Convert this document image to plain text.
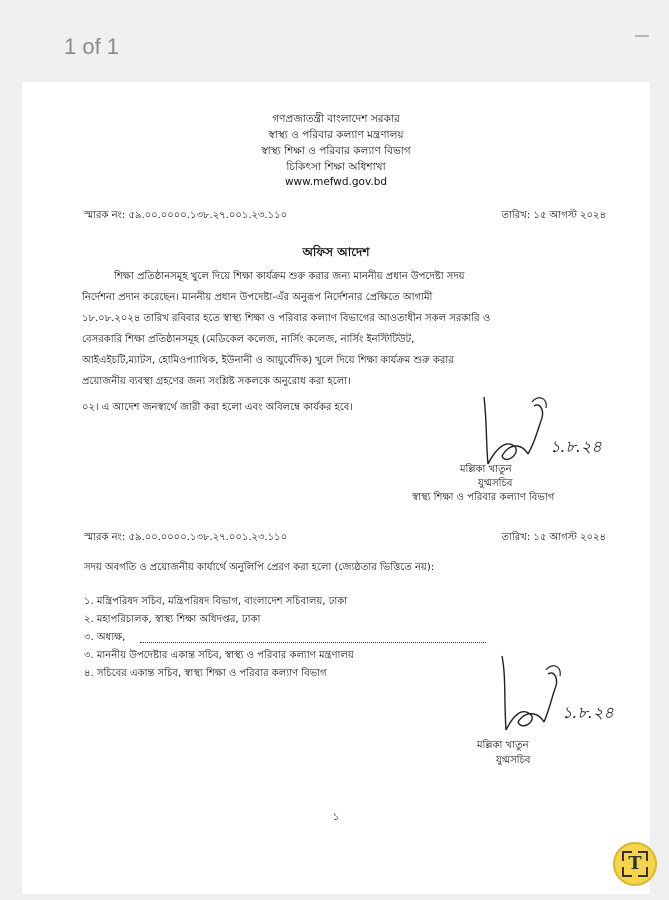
1 of 1
গণপ্রজাতন্ত্রী বাংলাদেশ সরকার
স্বাস্থ্য ও পরিবার কল্যাণ মন্ত্রণালয়
স্বাস্থ্য শিক্ষা ও পরিবার কল্যাণ বিভাগ
চিকিৎসা শিক্ষা অধিশাখা
www.mefwd.gov.bd
স্মারক নং: ৫৯.০০.০০০০.১৩৮.২৭.০০১.২৩.১১০	তারিখ: ১৫ আগস্ট ২০২৪
অফিস আদেশ
শিক্ষা প্রতিষ্ঠানসমূহ খুলে দিয়ে শিক্ষা কার্যক্রম শুরু করার জন্য মাননীয় প্রধান উপদেষ্টা সদয়
নির্দেশনা প্রদান করেছেন। মাননীয় প্রধান উপদেষ্টা-এঁর অনুরূপ নির্দেশনার প্রেক্ষিতে আগামী
১৮.০৮.২০২৪ তারিখ রবিবার হতে স্বাস্থ্য শিক্ষা ও পরিবার কল্যাণ বিভাগের আওতাধীন সকল সরকারি ও
বেসরকারি শিক্ষা প্রতিষ্ঠানসমূহ (মেডিকেল কলেজ, নার্সিং কলেজ, নার্সিং ইনস্টিটিউট,
আইএইচটি,ম্যাটস, হোমিওপ্যাথিক, ইউনানী ও আয়ুর্বেদিক) খুলে দিয়ে শিক্ষা কার্যক্রম শুরু করার
প্রয়োজনীয় ব্যবস্থা গ্রহণের জন্য সংশ্লিষ্ট সকলকে অনুরোধ করা হলো।
০২। এ আদেশ জনস্বার্থে জারী করা হলো এবং অবিলম্বে কার্যকর হবে।
১.৮.২৪
মল্লিকা খাতুন
যুগ্মসচিব
স্বাস্থ্য শিক্ষা ও পরিবার কল্যাণ বিভাগ
স্মারক নং: ৫৯.০০.০০০০.১৩৮.২৭.০০১.২৩.১১০	তারিখ: ১৫ আগস্ট ২০২৪
সদয় অবগতি ও প্রয়োজনীয় কার্যার্থে অনুলিপি প্রেরণ করা হলো (জ্যেষ্ঠতার ভিত্তিতে নয়):
১. মন্ত্রিপরিষদ সচিব, মন্ত্রিপরিষদ বিভাগ, বাংলাদেশ সচিবালয়, ঢাকা
২. মহাপরিচালক, স্বাস্থ্য শিক্ষা অধিদপ্তর, ঢাকা
৩. অধ্যক্ষ,
৩. মাননীয় উপদেষ্টার একান্ত সচিব, স্বাস্থ্য ও পরিবার কল্যাণ মন্ত্রণালয়
৪. সচিবের একান্ত সচিব, স্বাস্থ্য শিক্ষা ও পরিবার কল্যাণ বিভাগ
১.৮.২৪
মল্লিকা খাতুন
যুগ্মসচিব
১
T
